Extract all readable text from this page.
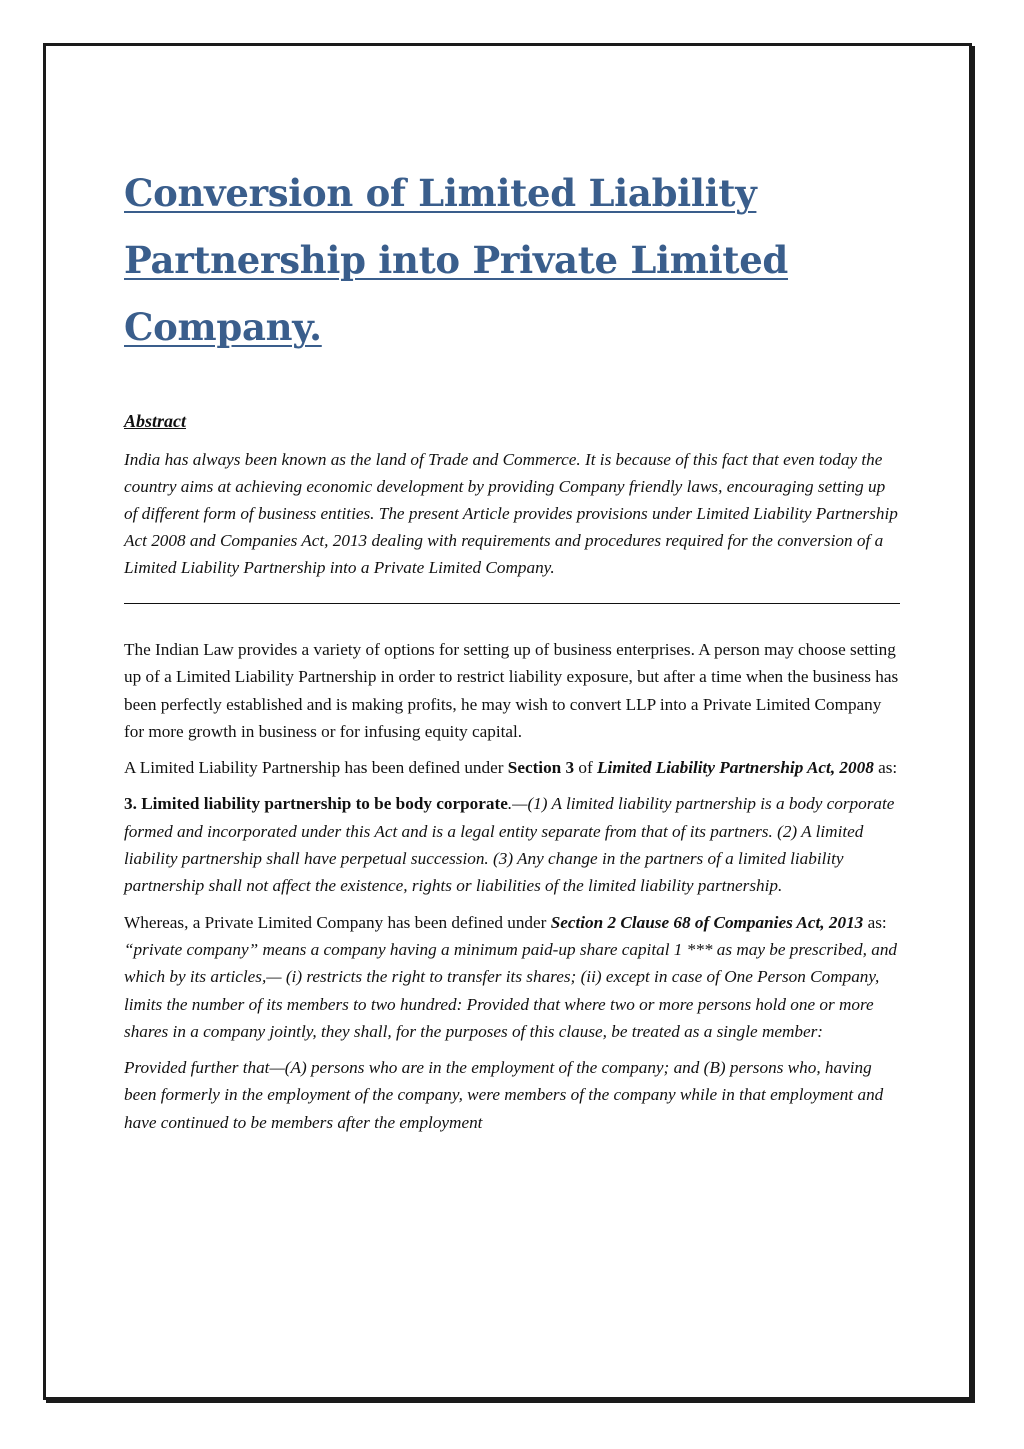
Conversion of Limited Liability Partnership into Private Limited Company.
Abstract
India has always been known as the land of Trade and Commerce. It is because of this fact that even today the country aims at achieving economic development by providing Company friendly laws, encouraging setting up of different form of business entities. The present Article provides provisions under Limited Liability Partnership Act 2008 and Companies Act, 2013 dealing with requirements and procedures required for the conversion of a Limited Liability Partnership into a Private Limited Company.

The Indian Law provides a variety of options for setting up of business enterprises. A person may choose setting up of a Limited Liability Partnership in order to restrict liability exposure, but after a time when the business has been perfectly established and is making profits, he may wish to convert LLP into a Private Limited Company for more growth in business or for infusing equity capital.

A Limited Liability Partnership has been defined under Section 3 of Limited Liability Partnership Act, 2008 as:

3. Limited liability partnership to be body corporate.—(1) A limited liability partnership is a body corporate formed and incorporated under this Act and is a legal entity separate from that of its partners. (2) A limited liability partnership shall have perpetual succession. (3) Any change in the partners of a limited liability partnership shall not affect the existence, rights or liabilities of the limited liability partnership.

Whereas, a Private Limited Company has been defined under Section 2 Clause 68 of Companies Act, 2013 as: “private company” means a company having a minimum paid-up share capital 1 *** as may be prescribed, and which by its articles,— (i) restricts the right to transfer its shares; (ii) except in case of One Person Company, limits the number of its members to two hundred: Provided that where two or more persons hold one or more shares in a company jointly, they shall, for the purposes of this clause, be treated as a single member:

Provided further that—(A) persons who are in the employment of the company; and (B) persons who, having been formerly in the employment of the company, were members of the company while in that employment and have continued to be members after the employment
